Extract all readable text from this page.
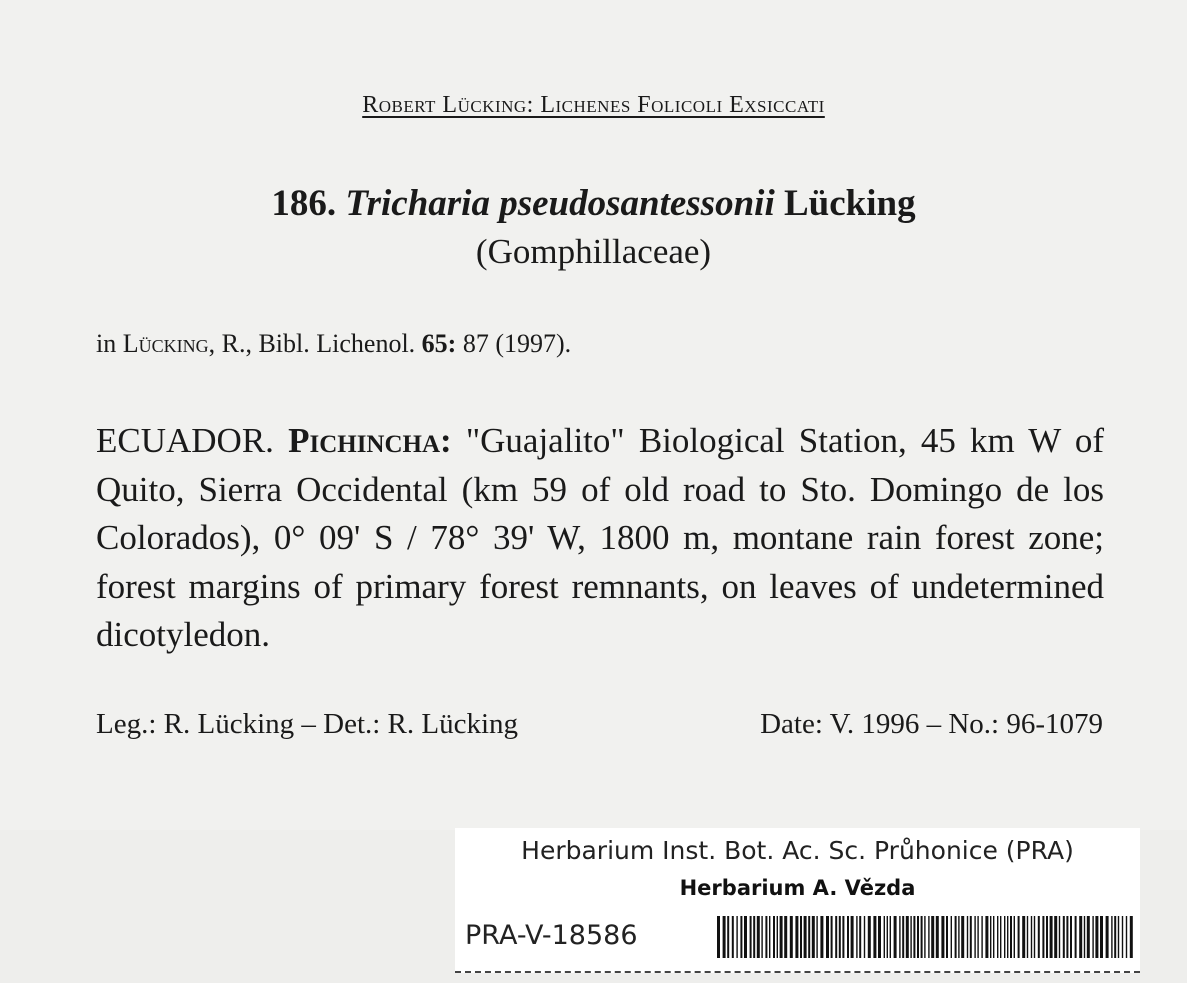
Robert Lücking: Lichenes Folicoli Exsiccati
186. Tricharia pseudosantessonii Lücking
(Gomphillaceae)
in Lücking, R., Bibl. Lichenol. 65: 87 (1997).
ECUADOR. Pichincha: "Guajalito" Biological Station, 45 km W of Quito, Sierra Occidental (km 59 of old road to Sto. Domingo de los Colorados), 0° 09' S / 78° 39' W, 1800 m, montane rain forest zone; forest margins of primary forest remnants, on leaves of undetermined dicotyledon.
Leg.: R. Lücking – Det.: R. Lücking	Date: V. 1996 – No.: 96-1079
Herbarium Inst. Bot. Ac. Sc. Průhonice (PRA)
Herbarium A. Vězda
PRA-V-18586
